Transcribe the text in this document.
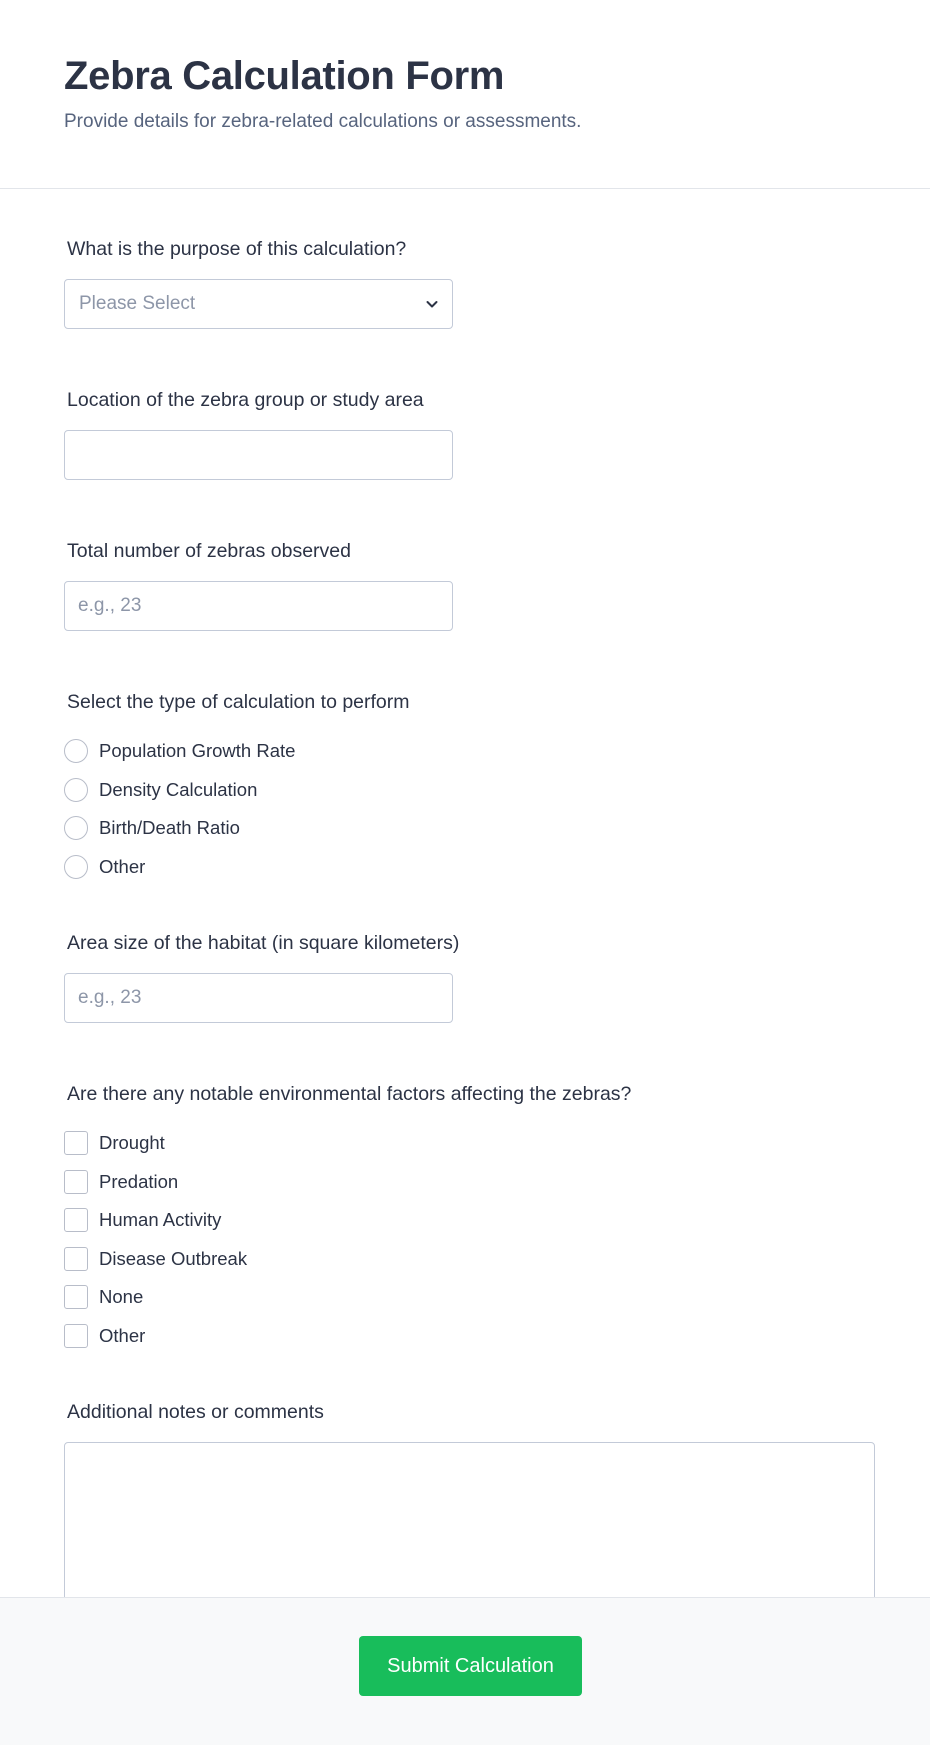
Zebra Calculation Form

Provide details for zebra-related calculations or assessments.

What is the purpose of this calculation?
Please Select
Location of the zebra group or study area
Total number of zebras observed
e.g., 23
Select the type of calculation to perform
Population Growth Rate
Density Calculation
Birth/Death Ratio
Other
Area size of the habitat (in square kilometers)
e.g., 23
Are there any notable environmental factors affecting the zebras?
Drought
Predation
Human Activity
Disease Outbreak
None
Other
Additional notes or comments
Submit Calculation
